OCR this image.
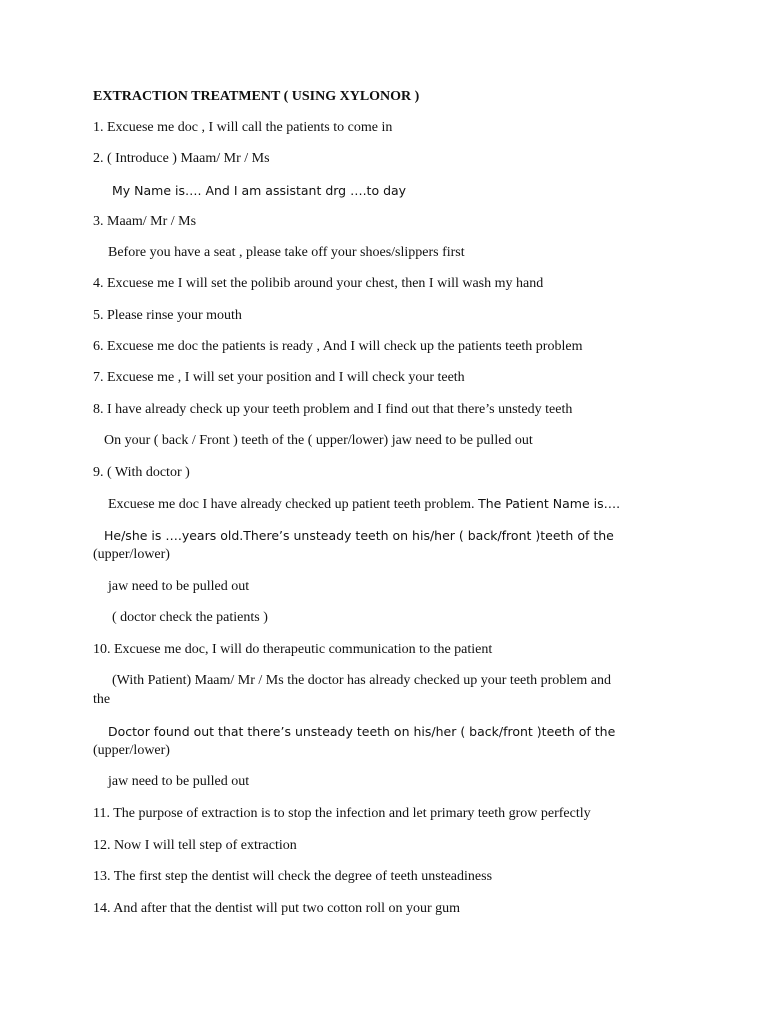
EXTRACTION TREATMENT ( USING XYLONOR )
1. Excuese me doc , I will call the patients to come in
2. ( Introduce ) Maam/ Mr / Ms
My Name is…. And I am assistant drg ….to day
3. Maam/ Mr / Ms
Before you have a seat , please take off your shoes/slippers first
4. Excuese me I will set the polibib around your chest, then I will wash my hand
5. Please rinse your mouth
6. Excuese me doc the patients is ready , And I will check up the patients teeth problem
7. Excuese me , I will set your position and I will check your teeth
8. I have already check up your teeth problem and I find out that there’s unstedy teeth
On your ( back / Front ) teeth of the ( upper/lower) jaw need to be pulled out
9. ( With doctor )
Excuese me doc I have already checked up patient teeth problem. The Patient Name is….
He/she is ….years old.There’s unsteady teeth on his/her ( back/front )teeth of the
(upper/lower)
jaw need to be pulled out
( doctor check the patients )
10. Excuese me doc, I will do therapeutic communication to the patient
(With Patient) Maam/ Mr / Ms the doctor has already checked up your teeth problem and
the
Doctor found out that there’s unsteady teeth on his/her ( back/front )teeth of the
(upper/lower)
jaw need to be pulled out
11. The purpose of extraction is to stop the infection and let primary teeth grow perfectly
12. Now I will tell step of extraction
13. The first step the dentist will check the degree of teeth unsteadiness
14. And after that the dentist will put two cotton roll on your gum
